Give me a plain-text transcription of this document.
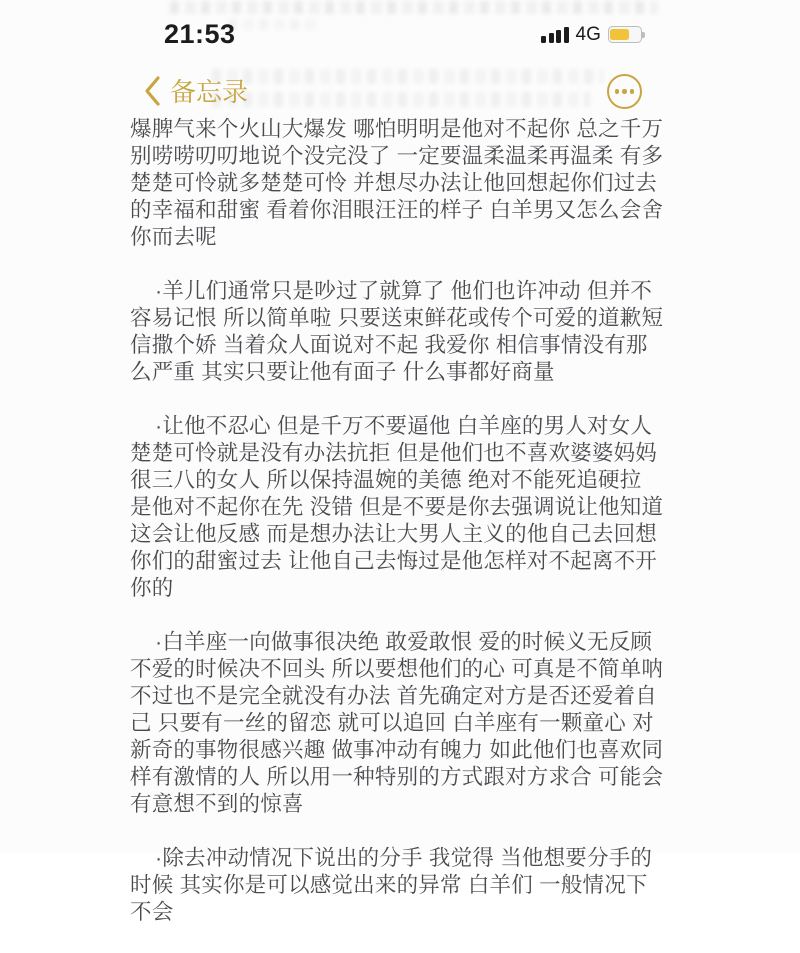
21:53	4G
备忘录

爆脾气来个火山大爆发 哪怕明明是他对不起你 总之千万别唠唠叨叨地说个没完没了 一定要温柔温柔再温柔 有多楚楚可怜就多楚楚可怜 并想尽办法让他回想起你们过去的幸福和甜蜜 看着你泪眼汪汪的样子 白羊男又怎么会舍你而去呢

·羊儿们通常只是吵过了就算了 他们也许冲动 但并不容易记恨 所以简单啦 只要送束鲜花或传个可爱的道歉短信撒个娇 当着众人面说对不起 我爱你 相信事情没有那么严重 其实只要让他有面子 什么事都好商量

·让他不忍心 但是千万不要逼他 白羊座的男人对女人楚楚可怜就是没有办法抗拒 但是他们也不喜欢婆婆妈妈很三八的女人 所以保持温婉的美德 绝对不能死追硬拉 是他对不起你在先 没错 但是不要是你去强调说让他知道 这会让他反感 而是想办法让大男人主义的他自己去回想你们的甜蜜过去 让他自己去悔过是他怎样对不起离不开你的

·白羊座一向做事很决绝 敢爱敢恨 爱的时候义无反顾 不爱的时候决不回头 所以要想他们的心 可真是不简单呐 不过也不是完全就没有办法 首先确定对方是否还爱着自己 只要有一丝的留恋 就可以追回 白羊座有一颗童心 对新奇的事物很感兴趣 做事冲动有魄力 如此他们也喜欢同样有激情的人 所以用一种特别的方式跟对方求合 可能会有意想不到的惊喜

·除去冲动情况下说出的分手 我觉得 当他想要分手的时候 其实你是可以感觉出来的异常 白羊们 一般情况下不会
